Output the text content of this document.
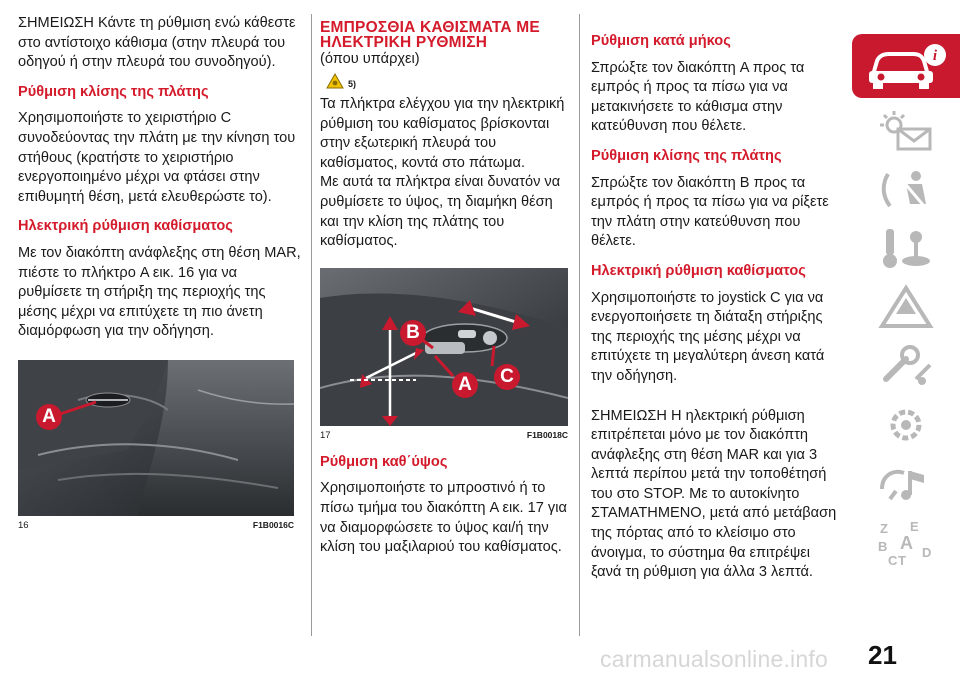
ΣΗΜΕΙΩΣΗ Κάντε τη ρύθμιση ενώ κάθεστε στο αντίστοιχο κάθισμα (στην πλευρά του οδηγού ή στην πλευρά του συνοδηγού).

Ρύθμιση κλίσης της πλάτης

Χρησιμοποιήστε το χειριστήριο C συνοδεύοντας την πλάτη με την κίνηση του στήθους (κρατήστε το χειριστήριο ενεργοποιημένο μέχρι να φτάσει στην επιθυμητή θέση, μετά ελευθερώστε το).

Ηλεκτρική ρύθμιση καθίσματος

Με τον διακόπτη ανάφλεξης στη θέση MAR, πιέστε το πλήκτρο A εικ. 16 για να ρυθμίσετε τη στήριξη της περιοχής της μέσης μέχρι να επιτύχετε τη πιο άνετη διαμόρφωση για την οδήγηση.

A
16	F1B0016C
ΕΜΠΡΟΣΘΙΑ ΚΑΘΙΣΜΑΤΑ ΜΕ ΗΛΕΚΤΡΙΚΗ ΡΥΘΜΙΣΗ

(όπου υπάρχει)

5)

Τα πλήκτρα ελέγχου για την ηλεκτρική ρύθμιση του καθίσματος βρίσκονται στην εξωτερική πλευρά του καθίσματος, κοντά στο πάτωμα.

Με αυτά τα πλήκτρα είναι δυνατόν να ρυθμίσετε το ύψος, τη διαμήκη θέση και την κλίση της πλάτης του καθίσματος.

B
A C
17	F1B0018C
Ρύθμιση καθ΄ύψος

Χρησιμοποιήστε το μπροστινό ή το πίσω τμήμα του διακόπτη A εικ. 17 για να διαμορφώσετε το ύψος και/ή την κλίση του μαξιλαριού του καθίσματος.

Ρύθμιση κατά μήκος

Σπρώξτε τον διακόπτη A προς τα εμπρός ή προς τα πίσω για να μετακινήσετε το κάθισμα στην κατεύθυνση που θέλετε.

Ρύθμιση κλίσης της πλάτης

Σπρώξτε τον διακόπτη B προς τα εμπρός ή προς τα πίσω για να ρίξετε την πλάτη στην κατεύθυνση που θέλετε.

Ηλεκτρική ρύθμιση καθίσματος

Χρησιμοποιήστε το joystick C για να ενεργοποιήσετε τη διάταξη στήριξης της περιοχής της μέσης μέχρι να επιτύχετε τη μεγαλύτερη άνεση κατά την οδήγηση.

ΣΗΜΕΙΩΣΗ Η ηλεκτρική ρύθμιση επιτρέπεται μόνο με τον διακόπτη ανάφλεξης στη θέση MAR και για 3 λεπτά περίπου μετά την τοποθέτησή του στο STOP. Με το αυτοκίνητο ΣΤΑΜΑΤΗΜΕΝΟ, μετά από μετάβαση της πόρτας από το κλείσιμο στο άνοιγμα, το σύστημα θα επιτρέψει ξανά τη ρύθμιση για άλλα 3 λεπτά.

i
Z E
B A
C T
D
carmanualsonline.info 21
